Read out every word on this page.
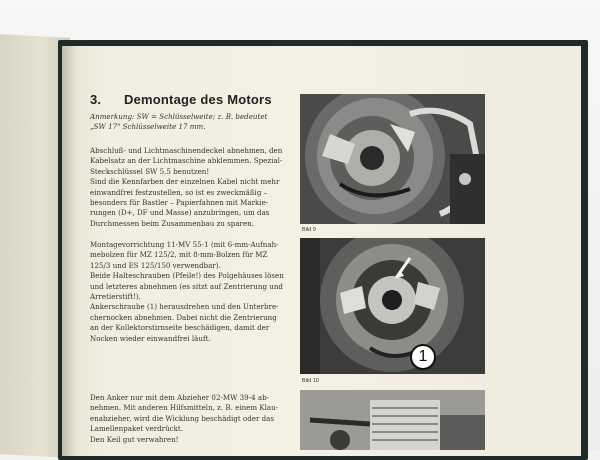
3. Demontage des Motors
Anmerkung: SW = Schlüsselweite; z. B. bedeutet
„SW 17" Schlüsselweite 17 mm.
Abschluß- und Lichtmaschinendeckel abnehmen, den
Kabelsatz an der Lichtmaschine abklemmen. Spezial-
Steckschlüssel SW 5,5 benutzen!
Sind die Kennfarben der einzelnen Kabel nicht mehr
einwandfrei festzustellen, so ist es zweckmäßig –
besonders für Bastler – Papierfahnen mit Markie-
rungen (D+, DF und Masse) anzubringen, um das
Durchmessen beim Zusammenbau zu sparen.
Montagevorrichtung 11-MV 55-1 (mit 6-mm-Aufnah-
mebolzen für MZ 125/2, mit 8-mm-Bolzen für MZ
125/3 und ES 125/150 verwendbar).
Beide Halteschrauben (Pfeile!) des Polgehäuses lösen
und letzteres abnehmen (es sitzt auf Zentrierung und
Arretierstift!).
Ankerschraube (1) herausdrehen und den Unterbre-
chernocken abnehmen. Dabei nicht die Zentrierung
an der Kollektorstirnseite beschädigen, damit der
Nocken wieder einwandfrei läuft.
Den Anker nur mit dem Abzieher 02-MW 39-4 ab-
nehmen. Mit anderen Hilfsmitteln, z. B. einem Klau-
enabzieher, wird die Wicklung beschädigt oder das
Lamellenpaket verdrückt.
Den Keil gut verwahren!
Bild 9
1
Bild 10
